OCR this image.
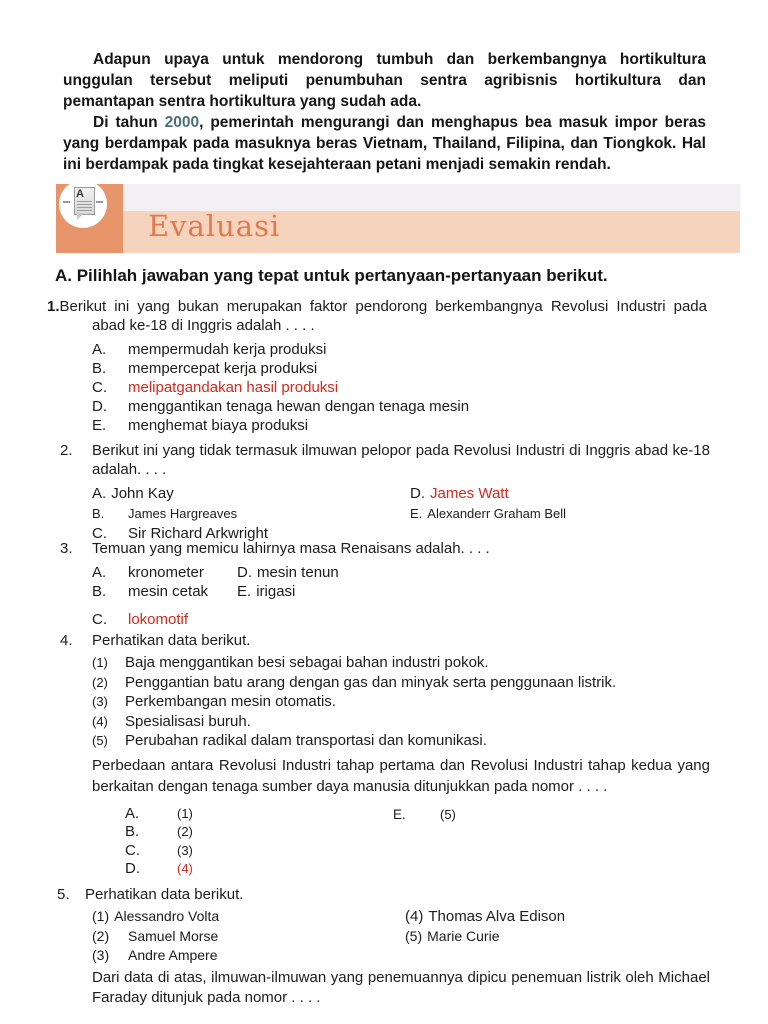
Adapun upaya untuk mendorong tumbuh dan berkembangnya hortikultura
unggulan tersebut meliputi penumbuhan sentra agribisnis hortikultura dan
pemantapan sentra hortikultura yang sudah ada.
Di tahun 2000, pemerintah mengurangi dan menghapus bea masuk impor beras
yang berdampak pada masuknya beras Vietnam, Thailand, Filipina, dan Tiongkok. Hal
ini berdampak pada tingkat kesejahteraan petani menjadi semakin rendah.
A
Evaluasi
A. Pilihlah jawaban yang tepat untuk pertanyaan-pertanyaan berikut.
1.Berikut ini yang bukan merupakan faktor pendorong berkembangnya Revolusi Industri pada
abad ke-18 di Inggris adalah . . . .
A.	mempermudah kerja produksi
B.	mempercepat kerja produksi
C.	melipatgandakan hasil produksi
D.	menggantikan tenaga hewan dengan tenaga mesin
E.	menghemat biaya produksi
2. Berikut ini yang tidak termasuk ilmuwan pelopor pada Revolusi Industri di Inggris abad ke-18
adalah. . . .
A. John Kay	D. James Watt
B.	James Hargreaves	E. Alexanderr Graham Bell
C.	Sir Richard Arkwright
3. Temuan yang memicu lahirnya masa Renaisans adalah. . . .
A.	kronometer D. mesin tenun
B.	mesin cetak E. irigasi
C.	lokomotif
4. Perhatikan data berikut.
(1)	Baja menggantikan besi sebagai bahan industri pokok.
(2)	Penggantian batu arang dengan gas dan minyak serta penggunaan listrik.
(3)	Perkembangan mesin otomatis.
(4)	Spesialisasi buruh.
(5)	Perubahan radikal dalam transportasi dan komunikasi.
Perbedaan antara Revolusi Industri tahap pertama dan Revolusi Industri tahap kedua yang
berkaitan dengan tenaga sumber daya manusia ditunjukkan pada nomor . . . .
A.	(1)
B.	(2)
C.	(3)
D.	(4)
E.	(5)
5. Perhatikan data berikut.
(1) Alessandro Volta	(4) Thomas Alva Edison
(2)	Samuel Morse	(5) Marie Curie
(3)	Andre Ampere
Dari data di atas, ilmuwan-ilmuwan yang penemuannya dipicu penemuan listrik oleh Michael
Faraday ditunjuk pada nomor . . . .
